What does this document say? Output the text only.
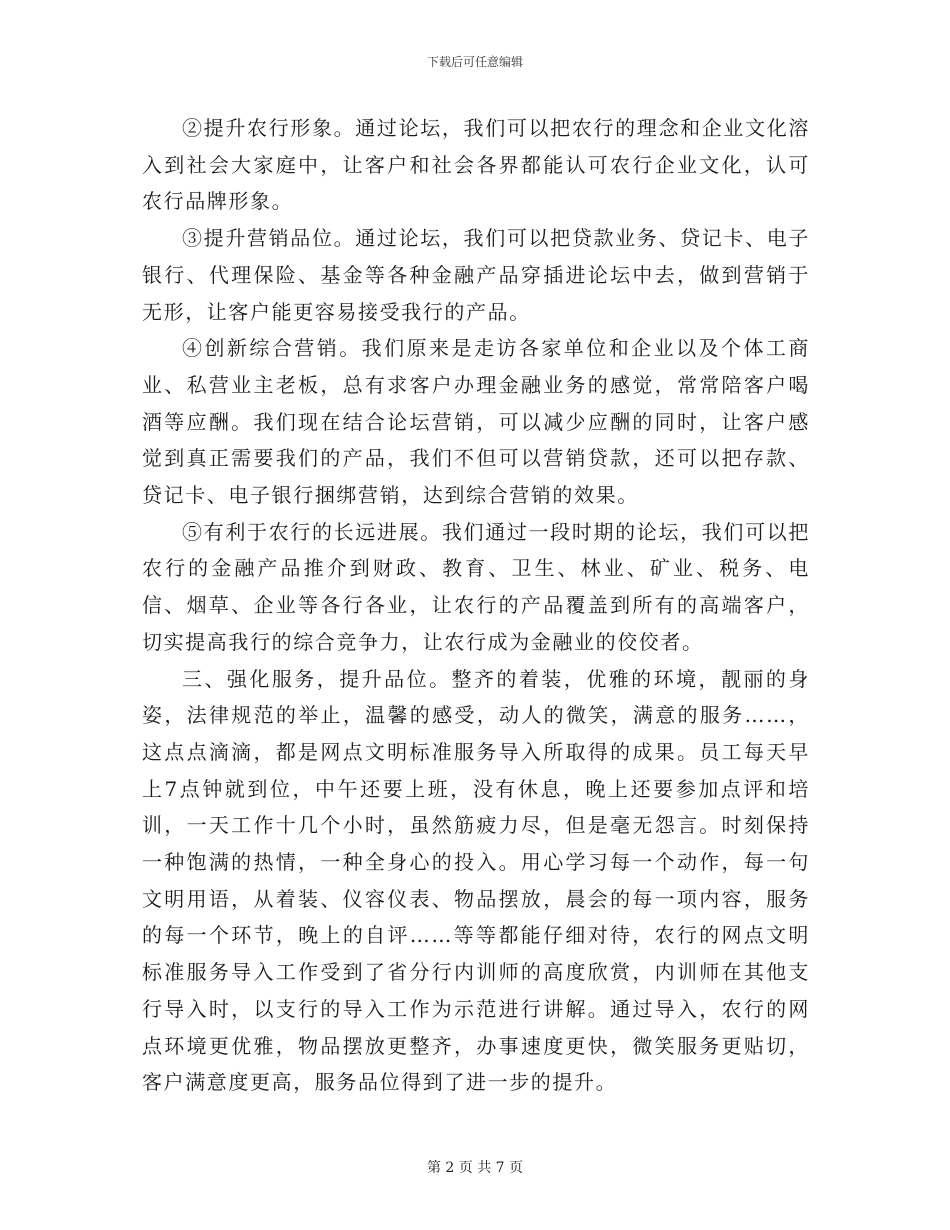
下载后可任意编辑

②提升农行形象。通过论坛，我们可以把农行的理念和企业文化溶入到社会大家庭中，让客户和社会各界都能认可农行企业文化，认可农行品牌形象。

③提升营销品位。通过论坛，我们可以把贷款业务、贷记卡、电子银行、代理保险、基金等各种金融产品穿插进论坛中去，做到营销于无形，让客户能更容易接受我行的产品。

④创新综合营销。我们原来是走访各家单位和企业以及个体工商业、私营业主老板，总有求客户办理金融业务的感觉，常常陪客户喝酒等应酬。我们现在结合论坛营销，可以减少应酬的同时，让客户感觉到真正需要我们的产品，我们不但可以营销贷款，还可以把存款、贷记卡、电子银行捆绑营销，达到综合营销的效果。

⑤有利于农行的长远进展。我们通过一段时期的论坛，我们可以把农行的金融产品推介到财政、教育、卫生、林业、矿业、税务、电信、烟草、企业等各行各业，让农行的产品覆盖到所有的高端客户，切实提高我行的综合竞争力，让农行成为金融业的佼佼者。

三、强化服务，提升品位。整齐的着装，优雅的环境，靓丽的身姿，法律规范的举止，温馨的感受，动人的微笑，满意的服务……，这点点滴滴，都是网点文明标准服务导入所取得的成果。员工每天早上7点钟就到位，中午还要上班，没有休息，晚上还要参加点评和培训，一天工作十几个小时，虽然筋疲力尽，但是毫无怨言。时刻保持一种饱满的热情，一种全身心的投入。用心学习每一个动作，每一句文明用语，从着装、仪容仪表、物品摆放，晨会的每一项内容，服务的每一个环节，晚上的自评……等等都能仔细对待，农行的网点文明标准服务导入工作受到了省分行内训师的高度欣赏，内训师在其他支行导入时，以支行的导入工作为示范进行讲解。通过导入，农行的网点环境更优雅，物品摆放更整齐，办事速度更快，微笑服务更贴切，客户满意度更高，服务品位得到了进一步的提升。

第 2 页 共 7 页
